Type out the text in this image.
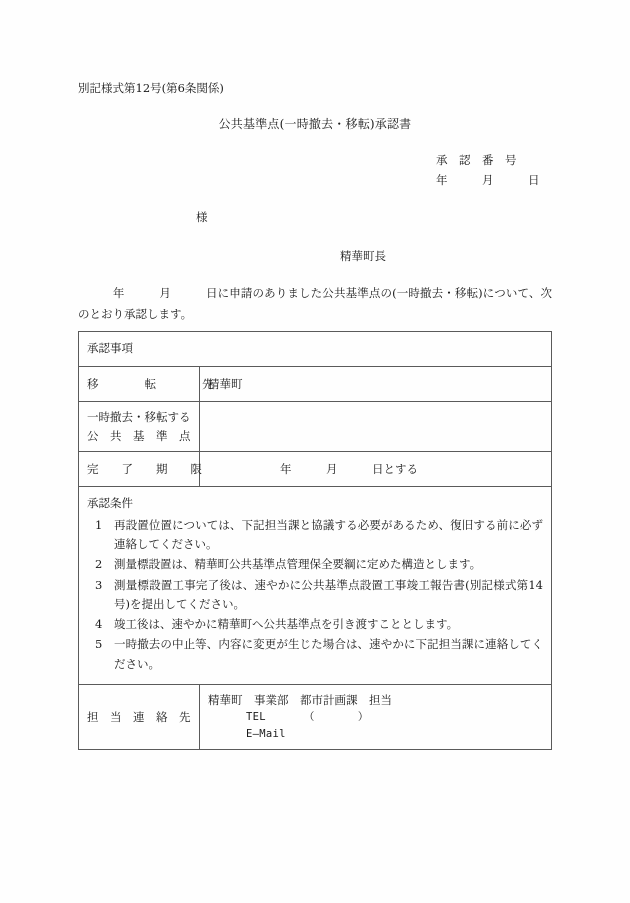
別記様式第12号(第6条関係)
公共基準点(一時撤去・移転)承認書
承　認　番　号
年　　　月　　　日
様
精華町長
　　　年　　　月　　　日に申請のありました公共基準点の(一時撤去・移転)について、次のとおり承認します。
承認事項	
移　　　　転　　　　先	精華町

一時撤去・移転する
公　共　基　準　点	

完　　了　　期　　限	年　　　月　　　日とする

承認条件
1 再設置位置については、下記担当課と協議する必要があるため、復旧する前に必ず連絡してください。
2 測量標設置は、精華町公共基準点管理保全要綱に定めた構造とします。
3 測量標設置工事完了後は、速やかに公共基準点設置工事竣工報告書(別記様式第14号)を提出してください。
4 竣工後は、速やかに精華町へ公共基準点を引き渡すこととします。
5 一時撤去の中止等、内容に変更が生じた場合は、速やかに下記担当課に連絡してください。

担　当　連　絡　先	精華町　事業部　都市計画課　担当
TEL　　　　（　　　　）
E—Mail
